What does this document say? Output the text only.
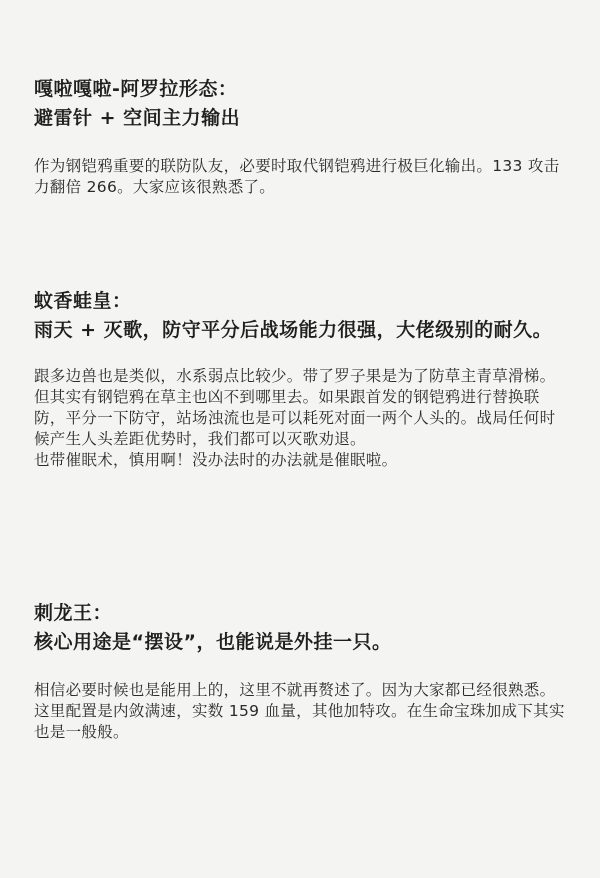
嘎啦嘎啦-阿罗拉形态：
避雷针 + 空间主力输出

作为钢铠鸦重要的联防队友，必要时取代钢铠鸦进行极巨化输出。133 攻击力翻倍 266。大家应该很熟悉了。

蚊香蛙皇：
雨天 + 灭歌，防守平分后战场能力很强，大佬级别的耐久。

跟多边兽也是类似，水系弱点比较少。带了罗子果是为了防草主青草滑梯。但其实有钢铠鸦在草主也凶不到哪里去。如果跟首发的钢铠鸦进行替换联防，平分一下防守，站场浊流也是可以耗死对面一两个人头的。战局任何时候产生人头差距优势时，我们都可以灭歌劝退。

也带催眠术，慎用啊！没办法时的办法就是催眠啦。

刺龙王：
核心用途是“摆设”，也能说是外挂一只。

相信必要时候也是能用上的，这里不就再赘述了。因为大家都已经很熟悉。这里配置是内敛满速，实数 159 血量，其他加特攻。在生命宝珠加成下其实也是一般般。
